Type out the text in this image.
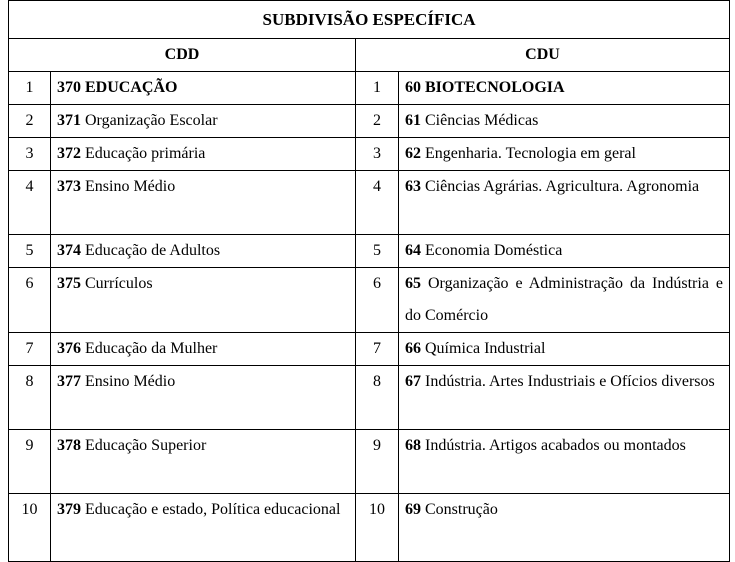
SUBDIVISÃO ESPECÍFICA			
CDD		CDU	
1	370 EDUCAÇÃO	1	60 BIOTECNOLOGIA
2	371 Organização Escolar	2	61 Ciências Médicas
3	372 Educação primária	3	62 Engenharia. Tecnologia em geral
4	373 Ensino Médio	4	63 Ciências Agrárias. Agricultura. Agronomia
5	374 Educação de Adultos	5	64 Economia Doméstica
6	375 Currículos	6	65 Organização e Administração da Indústria e do Comércio
7	376 Educação da Mulher	7	66 Química Industrial
8	377 Ensino Médio	8	67 Indústria. Artes Industriais e Ofícios diversos
9	378 Educação Superior	9	68 Indústria. Artigos acabados ou montados
10	379 Educação e estado, Política educacional	10	69 Construção
